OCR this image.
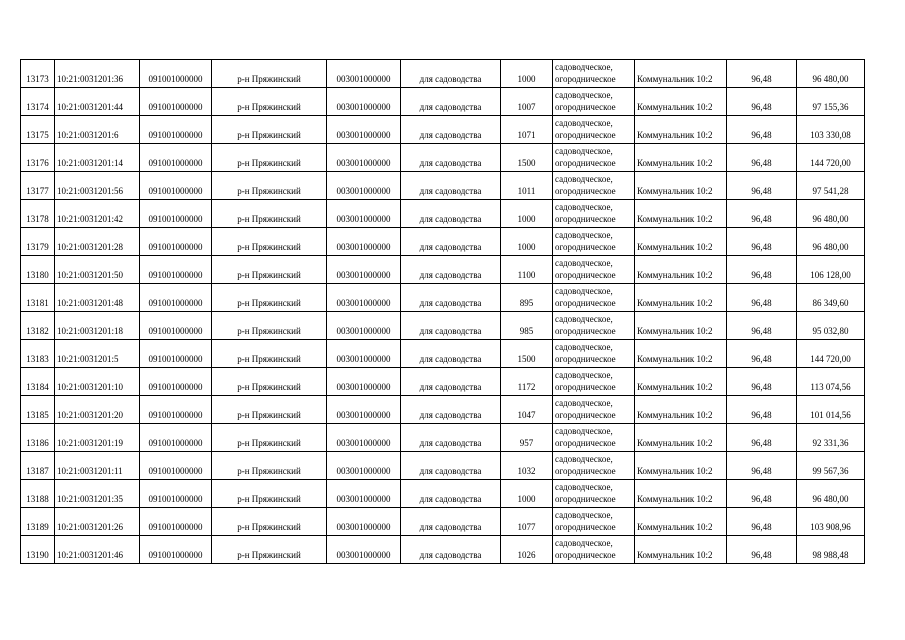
13173	10:21:0031201:36	091001000000	р-н Пряжинский	003001000000	для садоводства	1000	садоводческое,
огородническое	Коммунальник 10:2	96,48	96 480,00
13174	10:21:0031201:44	091001000000	р-н Пряжинский	003001000000	для садоводства	1007	садоводческое,
огородническое	Коммунальник 10:2	96,48	97 155,36
13175	10:21:0031201:6	091001000000	р-н Пряжинский	003001000000	для садоводства	1071	садоводческое,
огородническое	Коммунальник 10:2	96,48	103 330,08
13176	10:21:0031201:14	091001000000	р-н Пряжинский	003001000000	для садоводства	1500	садоводческое,
огородническое	Коммунальник 10:2	96,48	144 720,00
13177	10:21:0031201:56	091001000000	р-н Пряжинский	003001000000	для садоводства	1011	садоводческое,
огородническое	Коммунальник 10:2	96,48	97 541,28
13178	10:21:0031201:42	091001000000	р-н Пряжинский	003001000000	для садоводства	1000	садоводческое,
огородническое	Коммунальник 10:2	96,48	96 480,00
13179	10:21:0031201:28	091001000000	р-н Пряжинский	003001000000	для садоводства	1000	садоводческое,
огородническое	Коммунальник 10:2	96,48	96 480,00
13180	10:21:0031201:50	091001000000	р-н Пряжинский	003001000000	для садоводства	1100	садоводческое,
огородническое	Коммунальник 10:2	96,48	106 128,00
13181	10:21:0031201:48	091001000000	р-н Пряжинский	003001000000	для садоводства	895	садоводческое,
огородническое	Коммунальник 10:2	96,48	86 349,60
13182	10:21:0031201:18	091001000000	р-н Пряжинский	003001000000	для садоводства	985	садоводческое,
огородническое	Коммунальник 10:2	96,48	95 032,80
13183	10:21:0031201:5	091001000000	р-н Пряжинский	003001000000	для садоводства	1500	садоводческое,
огородническое	Коммунальник 10:2	96,48	144 720,00
13184	10:21:0031201:10	091001000000	р-н Пряжинский	003001000000	для садоводства	1172	садоводческое,
огородническое	Коммунальник 10:2	96,48	113 074,56
13185	10:21:0031201:20	091001000000	р-н Пряжинский	003001000000	для садоводства	1047	садоводческое,
огородническое	Коммунальник 10:2	96,48	101 014,56
13186	10:21:0031201:19	091001000000	р-н Пряжинский	003001000000	для садоводства	957	садоводческое,
огородническое	Коммунальник 10:2	96,48	92 331,36
13187	10:21:0031201:11	091001000000	р-н Пряжинский	003001000000	для садоводства	1032	садоводческое,
огородническое	Коммунальник 10:2	96,48	99 567,36
13188	10:21:0031201:35	091001000000	р-н Пряжинский	003001000000	для садоводства	1000	садоводческое,
огородническое	Коммунальник 10:2	96,48	96 480,00
13189	10:21:0031201:26	091001000000	р-н Пряжинский	003001000000	для садоводства	1077	садоводческое,
огородническое	Коммунальник 10:2	96,48	103 908,96
13190	10:21:0031201:46	091001000000	р-н Пряжинский	003001000000	для садоводства	1026	садоводческое,
огородническое	Коммунальник 10:2	96,48	98 988,48
